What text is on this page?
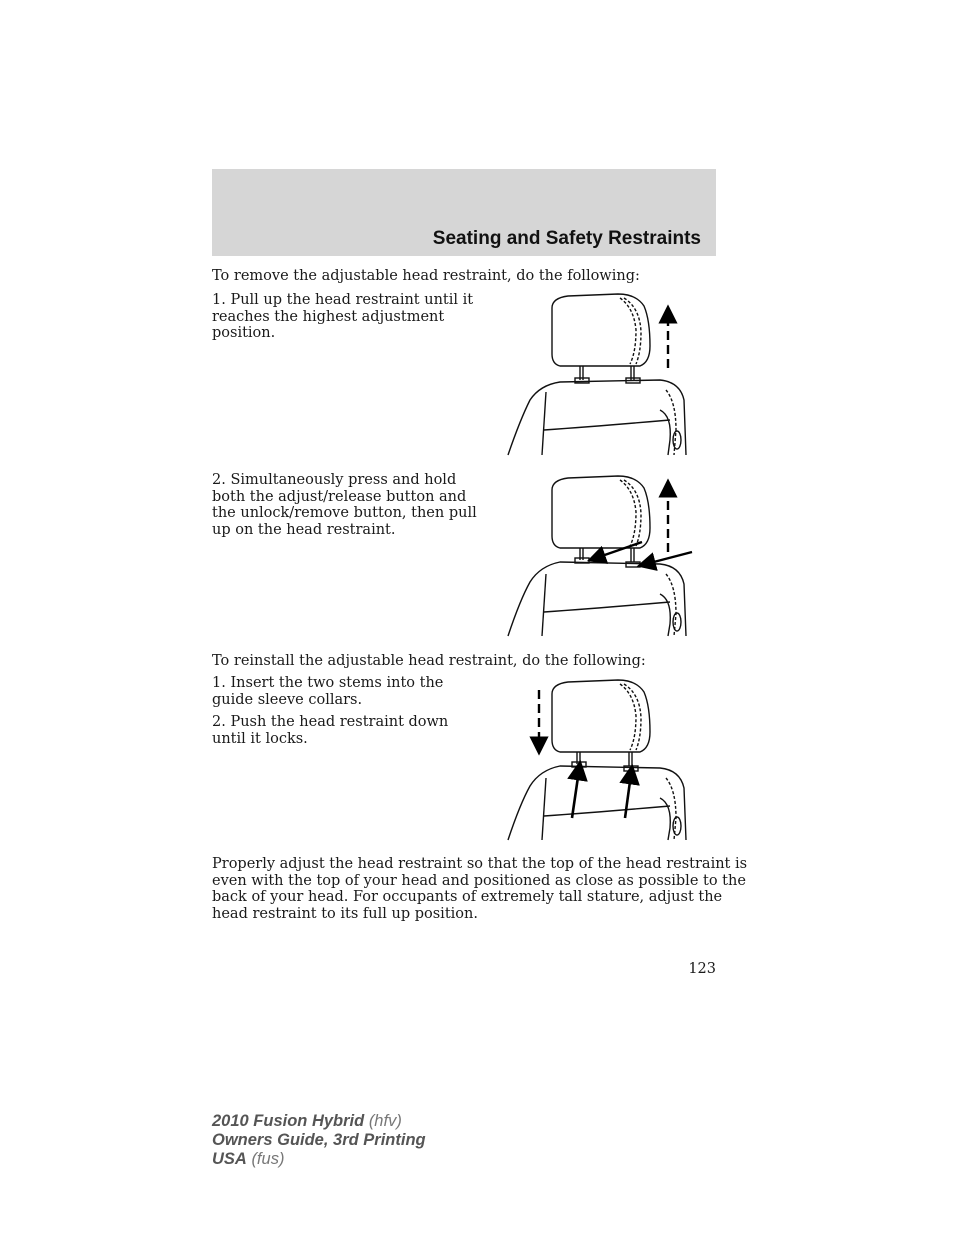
Seating and Safety Restraints

To remove the adjustable head restraint, do the following:

1. Pull up the head restraint until it
reaches the highest adjustment
position.
2. Simultaneously press and hold
both the adjust/release button and
the unlock/remove button, then pull
up on the head restraint.

To reinstall the adjustable head restraint, do the following:

1. Insert the two stems into the
guide sleeve collars.
2. Push the head restraint down
until it locks.
Properly adjust the head restraint so that the top of the head restraint is
even with the top of your head and positioned as close as possible to the
back of your head. For occupants of extremely tall stature, adjust the
head restraint to its full up position.
123
2010 Fusion Hybrid (hfv)
Owners Guide, 3rd Printing
USA (fus)
